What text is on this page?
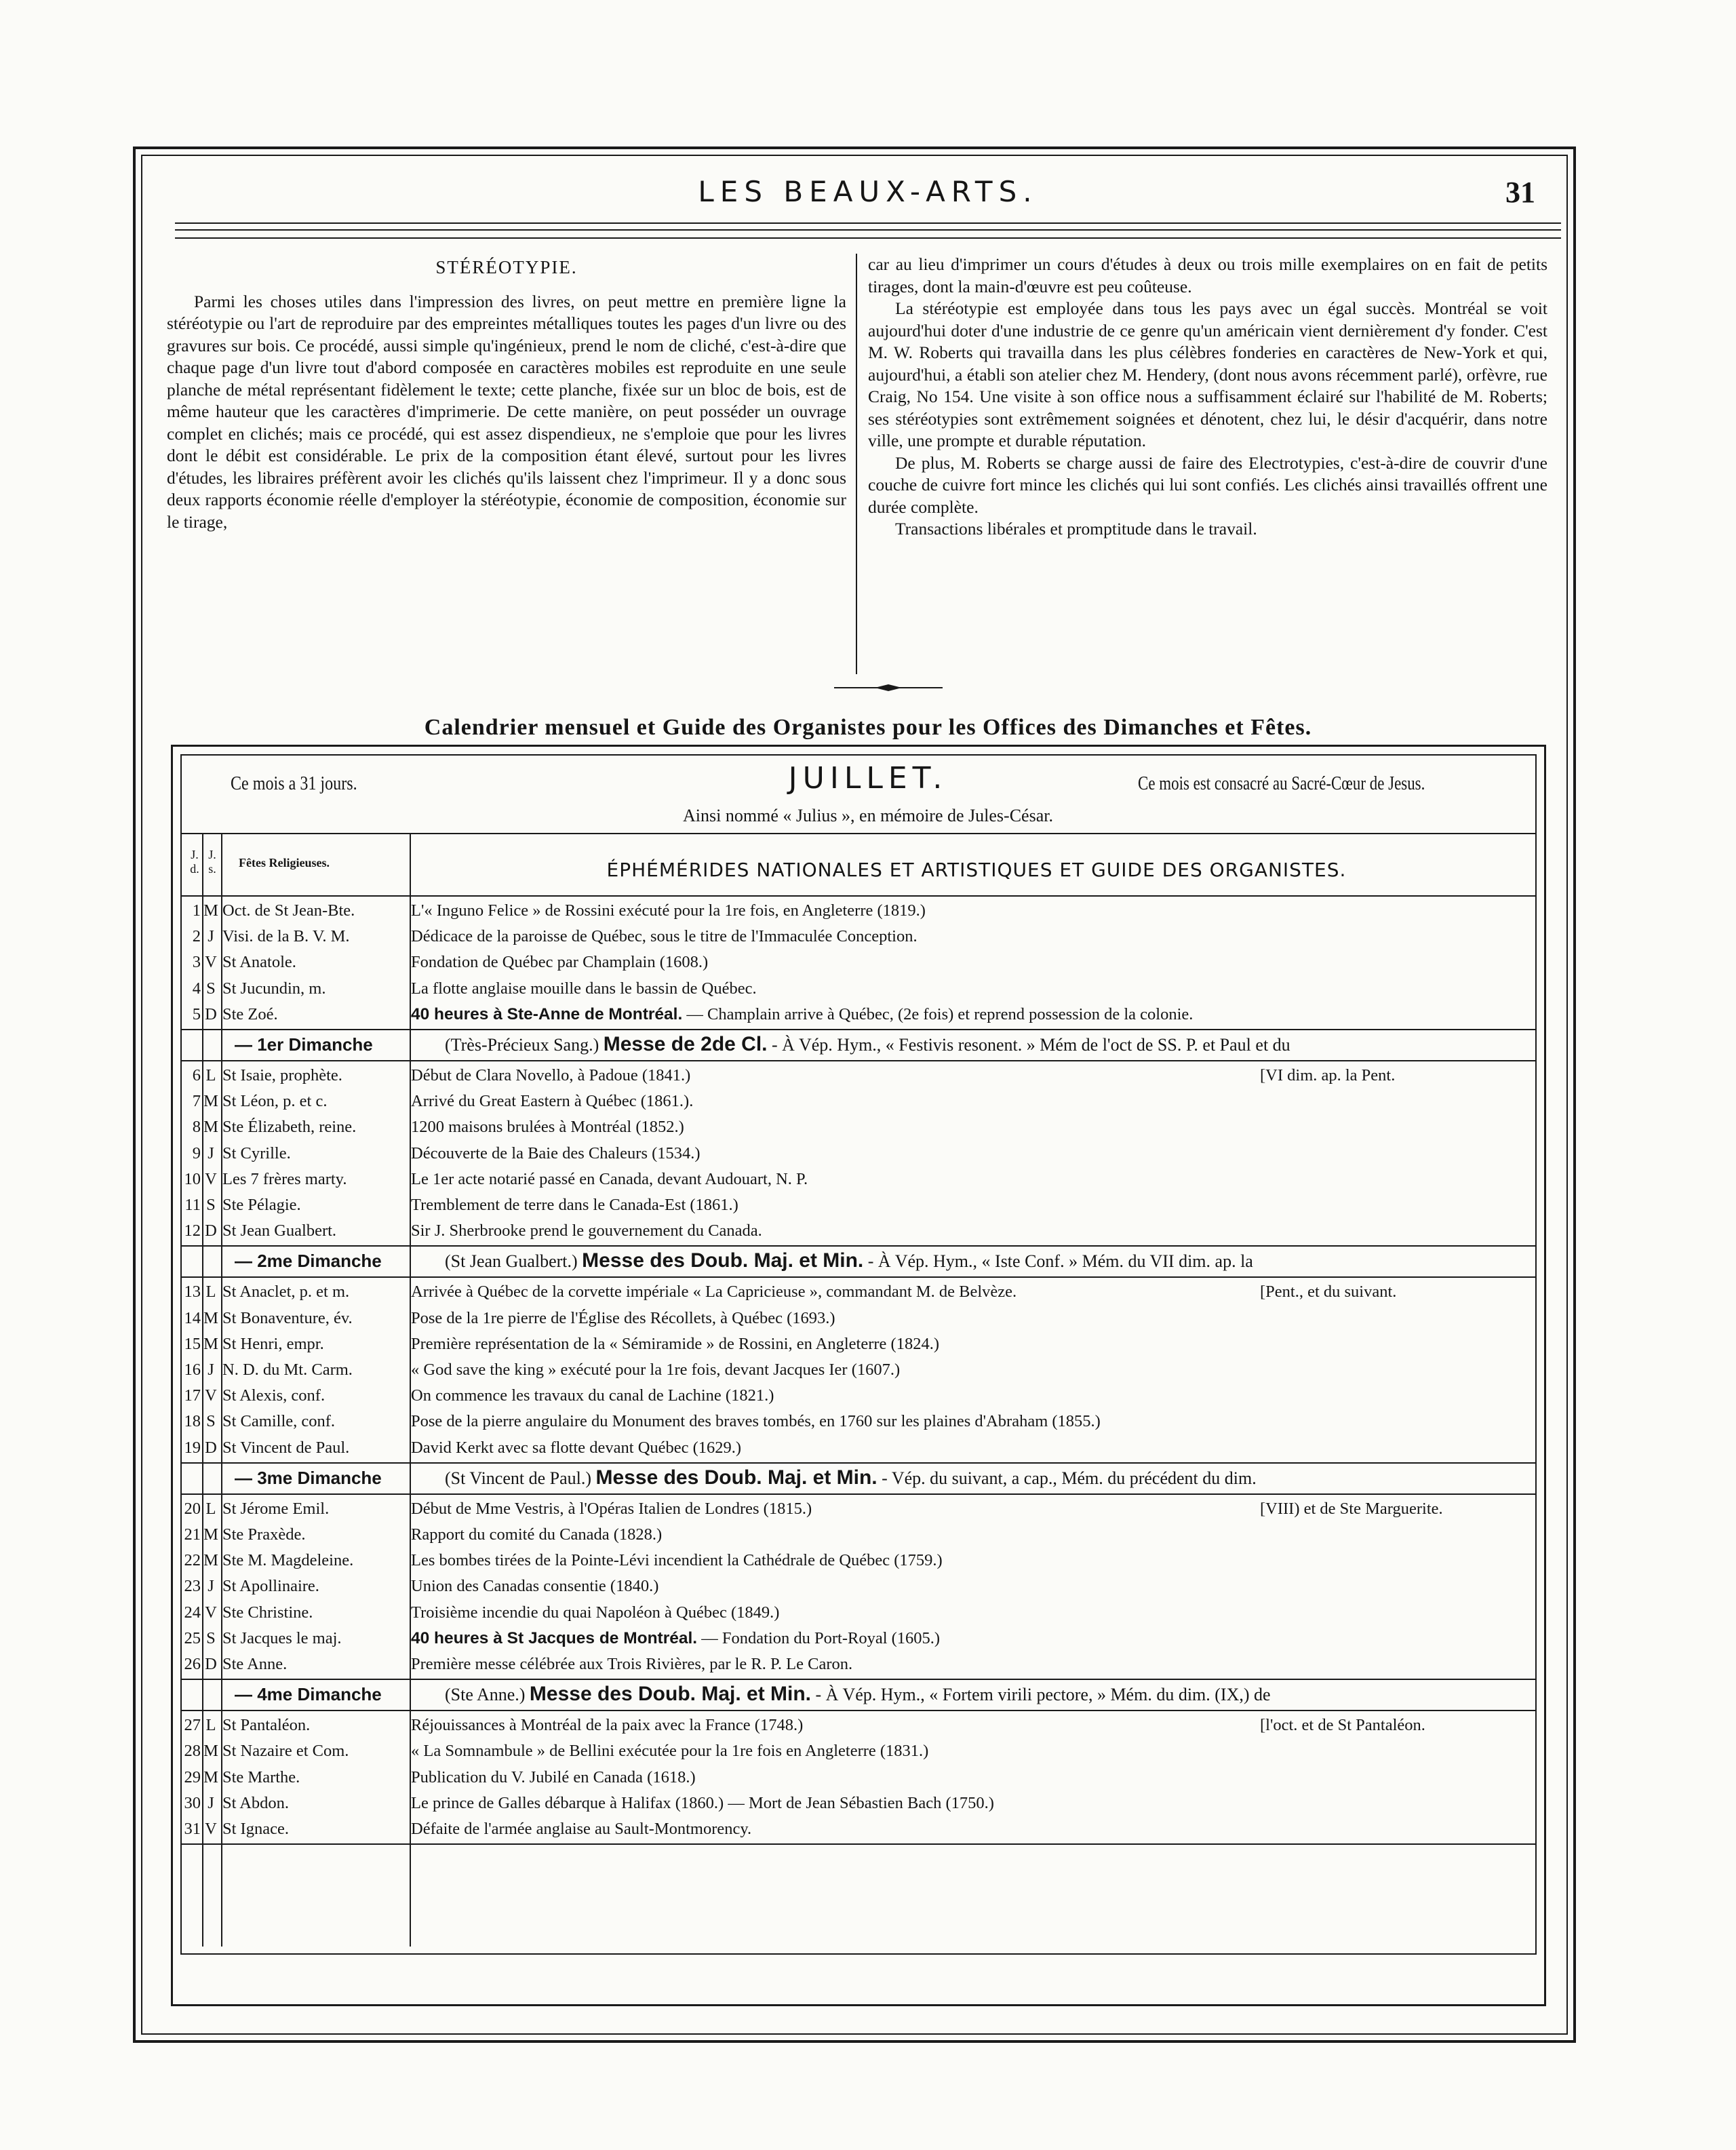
LES BEAUX-ARTS.	31
STÉRÉOTYPIE.

Parmi les choses utiles dans l'impression des livres, on peut mettre en première ligne la stéréotypie ou l'art de reproduire par des empreintes métalliques toutes les pages d'un livre ou des gravures sur bois. Ce procédé, aussi simple qu'ingénieux, prend le nom de cliché, c'est-à-dire que chaque page d'un livre tout d'abord composée en caractères mobiles est reproduite en une seule planche de métal représentant fidèlement le texte; cette planche, fixée sur un bloc de bois, est de même hauteur que les caractères d'imprimerie. De cette manière, on peut posséder un ouvrage complet en clichés; mais ce procédé, qui est assez dispendieux, ne s'emploie que pour les livres dont le débit est considérable. Le prix de la composition étant élevé, surtout pour les livres d'études, les libraires préfèrent avoir les clichés qu'ils laissent chez l'imprimeur. Il y a donc sous deux rapports économie réelle d'employer la stéréotypie, économie de composition, économie sur le tirage,

car au lieu d'imprimer un cours d'études à deux ou trois mille exemplaires on en fait de petits tirages, dont la main-d'œuvre est peu coûteuse.

La stéréotypie est employée dans tous les pays avec un égal succès. Montréal se voit aujourd'hui doter d'une industrie de ce genre qu'un américain vient dernièrement d'y fonder. C'est M. W. Roberts qui travailla dans les plus célèbres fonderies en caractères de New-York et qui, aujourd'hui, a établi son atelier chez M. Hendery, (dont nous avons récemment parlé), orfèvre, rue Craig, No 154. Une visite à son office nous a suffisamment éclairé sur l'habilité de M. Roberts; ses stéréotypies sont extrêmement soignées et dénotent, chez lui, le désir d'acquérir, dans notre ville, une prompte et durable réputation.

De plus, M. Roberts se charge aussi de faire des Electrotypies, c'est-à-dire de couvrir d'une couche de cuivre fort mince les clichés qui lui sont confiés. Les clichés ainsi travaillés offrent une durée complète.

Transactions libérales et promptitude dans le travail.

Calendrier mensuel et Guide des Organistes pour les Offices des Dimanches et Fêtes.
Ce mois a 31 jours.	JUILLET.	Ce mois est consacré au Sacré-Cœur de Jesus.
Ainsi nommé « Julius », en mémoire de Jules-César.
J. d.
J. s. Fêtes Religieuses.	ÉPHÉMÉRIDES NATIONALES ET ARTISTIQUES ET GUIDE DES ORGANISTES.
1 M Oct. de St Jean-Bte.	L'« Inguno Felice » de Rossini exécuté pour la 1re fois, en Angleterre (1819.)
2 J Visi. de la B. V. M.	Dédicace de la paroisse de Québec, sous le titre de l'Immaculée Conception.
3 V St Anatole.	Fondation de Québec par Champlain (1608.)
4 S St Jucundin, m.	La flotte anglaise mouille dans le bassin de Québec.
5 D Ste Zoé.	40 heures à Ste-Anne de Montréal. — Champlain arrive à Québec, (2e fois) et reprend possession de la colonie.
— 1er Dimanche	(Très-Précieux Sang.) Messe de 2de Cl. - À Vép. Hym., « Festivis resonent. » Mém de l'oct de SS. P. et Paul et du
6 L St Isaie, prophète.	Début de Clara Novello, à Padoue (1841.)	[VI dim. ap. la Pent.
7 M St Léon, p. et c.	Arrivé du Great Eastern à Québec (1861.).
8 M Ste Élizabeth, reine.	1200 maisons brulées à Montréal (1852.)
9 J St Cyrille.	Découverte de la Baie des Chaleurs (1534.)
10 V Les 7 frères marty.	Le 1er acte notarié passé en Canada, devant Audouart, N. P.
11 S Ste Pélagie.	Tremblement de terre dans le Canada-Est (1861.)
12 D St Jean Gualbert.	Sir J. Sherbrooke prend le gouvernement du Canada.
— 2me Dimanche	(St Jean Gualbert.) Messe des Doub. Maj. et Min. - À Vép. Hym., « Iste Conf. » Mém. du VII dim. ap. la
13 L St Anaclet, p. et m.	Arrivée à Québec de la corvette impériale « La Capricieuse », commandant M. de Belvèze.	[Pent., et du suivant.
14 M St Bonaventure, év.	Pose de la 1re pierre de l'Église des Récollets, à Québec (1693.)
15 M St Henri, empr.	Première représentation de la « Sémiramide » de Rossini, en Angleterre (1824.)
16 J N. D. du Mt. Carm.	« God save the king » exécuté pour la 1re fois, devant Jacques Ier (1607.)
17 V St Alexis, conf.	On commence les travaux du canal de Lachine (1821.)
18 S St Camille, conf.	Pose de la pierre angulaire du Monument des braves tombés, en 1760 sur les plaines d'Abraham (1855.)
19 D St Vincent de Paul.	David Kerkt avec sa flotte devant Québec (1629.)
— 3me Dimanche	(St Vincent de Paul.) Messe des Doub. Maj. et Min. - Vép. du suivant, a cap., Mém. du précédent du dim.
20 L St Jérome Emil.	Début de Mme Vestris, à l'Opéras Italien de Londres (1815.)	[VIII) et de Ste Marguerite.
21 M Ste Praxède.	Rapport du comité du Canada (1828.)
22 M Ste M. Magdeleine.	Les bombes tirées de la Pointe-Lévi incendient la Cathédrale de Québec (1759.)
23 J St Apollinaire.	Union des Canadas consentie (1840.)
24 V Ste Christine.	Troisième incendie du quai Napoléon à Québec (1849.)
25 S St Jacques le maj.	40 heures à St Jacques de Montréal. — Fondation du Port-Royal (1605.)
26 D Ste Anne.	Première messe célébrée aux Trois Rivières, par le R. P. Le Caron.
— 4me Dimanche	(Ste Anne.) Messe des Doub. Maj. et Min. - À Vép. Hym., « Fortem virili pectore, » Mém. du dim. (IX,) de
27 L St Pantaléon.	Réjouissances à Montréal de la paix avec la France (1748.)	[l'oct. et de St Pantaléon.
28 M St Nazaire et Com.	« La Somnambule » de Bellini exécutée pour la 1re fois en Angleterre (1831.)
29 M Ste Marthe.	Publication du V. Jubilé en Canada (1618.)
30 J St Abdon.	Le prince de Galles débarque à Halifax (1860.) — Mort de Jean Sébastien Bach (1750.)
31 V St Ignace.	Défaite de l'armée anglaise au Sault-Montmorency.
